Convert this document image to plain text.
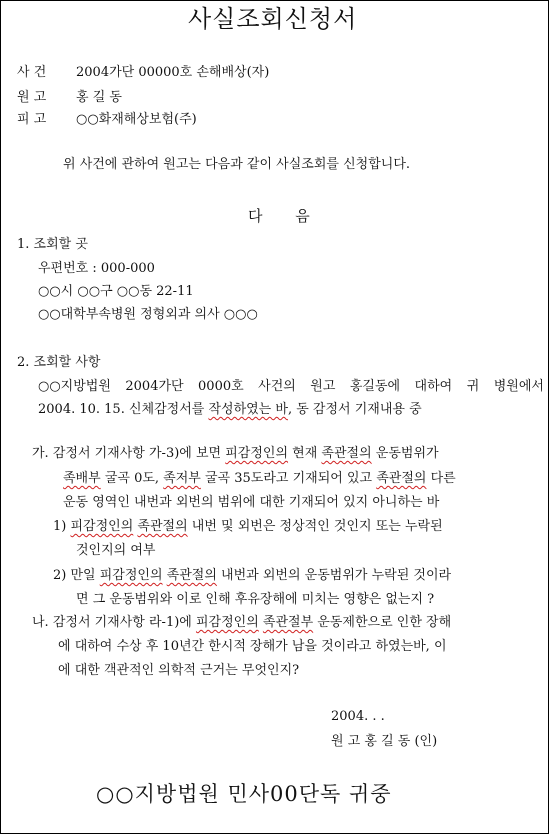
사실조회신청서
사 건 2004가단 00000호 손해배상(자)
원 고 홍 길 동
피 고 ○○화재해상보험(주)
위 사건에 관하여 원고는 다음과 같이 사실조회를 신청합니다.
다 음
1. 조회할 곳
우편번호 : 000-000
○○시 ○○구 ○○동 22-11
○○대학부속병원 정형외과 의사 ○○○
2. 조회할 사항
○○지방법원 2004가단 0000호 사건의 원고 홍길동에 대하여 귀 병원에서
2004. 10. 15. 신체감정서를 작성하였는 바, 동 감정서 기재내용 중
가. 감정서 기재사항 가-3)에 보면 피감정인의 현재 족관절의 운동범위가
족배부 굴곡 0도, 족저부 굴곡 35도라고 기재되어 있고 족관절의 다른
운동 영역인 내번과 외번의 범위에 대한 기재되어 있지 아니하는 바
1) 피감정인의 족관절의 내번 및 외번은 정상적인 것인지 또는 누락된
것인지의 여부
2) 만일 피감정인의 족관절의 내번과 외번의 운동범위가 누락된 것이라
면 그 운동범위와 이로 인해 후유장해에 미치는 영향은 없는지 ?
나. 감정서 기재사항 라-1)에 피감정인의 족관절부 운동제한으로 인한 장해
에 대하여 수상 후 10년간 한시적 장해가 남을 것이라고 하였는바, 이
에 대한 객관적인 의학적 근거는 무엇인지?
2004. . .
원 고 홍 길 동 (인)
○○지방법원 민사00단독 귀중
